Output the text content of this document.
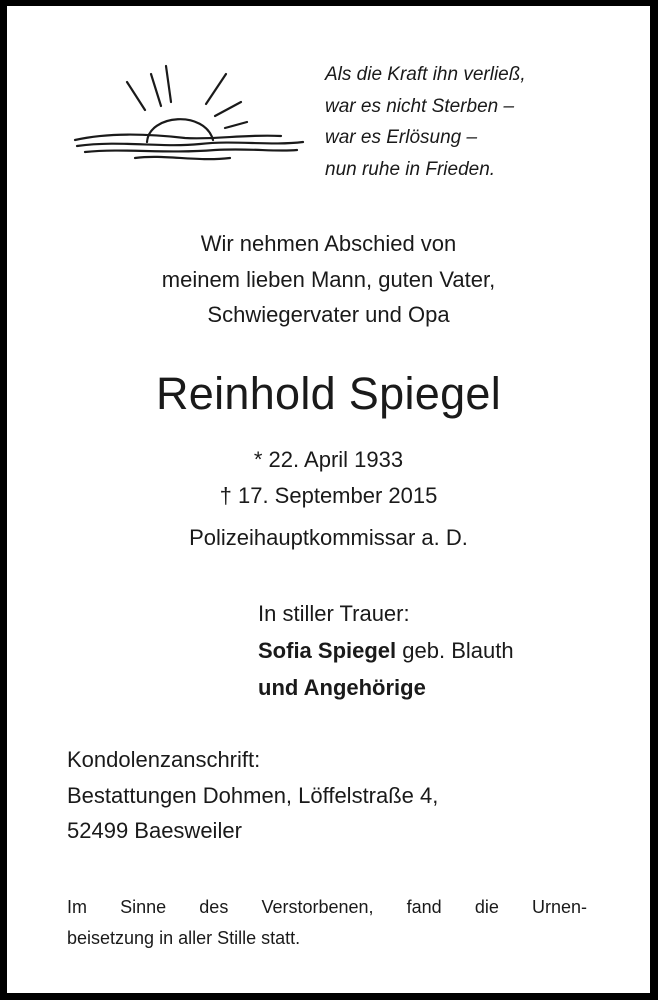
Als die Kraft ihn verließ,
war es nicht Sterben –
war es Erlösung –
nun ruhe in Frieden.
Wir nehmen Abschied von
meinem lieben Mann, guten Vater,
Schwiegervater und Opa
Reinhold Spiegel
* 22. April 1933
† 17. September 2015
Polizeihauptkommissar a. D.
In stiller Trauer:
Sofia Spiegel geb. Blauth
und Angehörige
Kondolenzanschrift:
Bestattungen Dohmen, Löffelstraße 4,
52499 Baesweiler
Im Sinne des Verstorbenen, fand die Urnen-
beisetzung in aller Stille statt.
